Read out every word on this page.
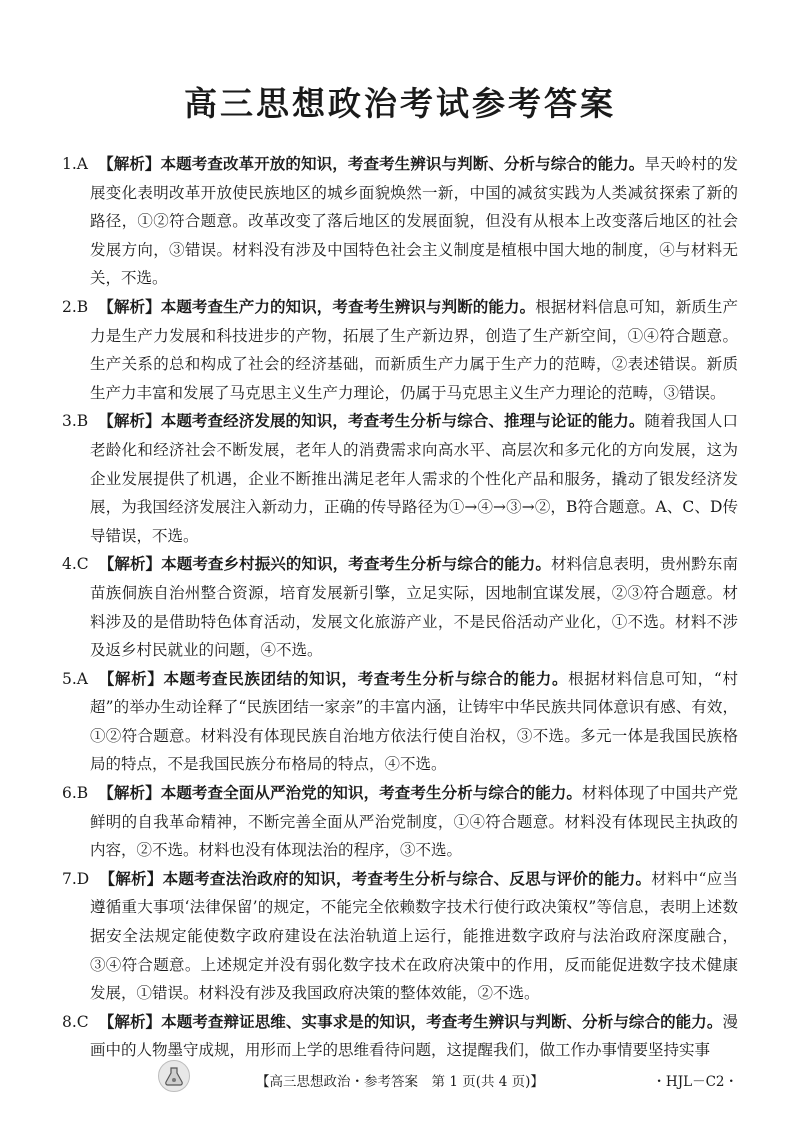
高三思想政治考试参考答案

1.A 【解析】本题考查改革开放的知识，考查考生辨识与判断、分析与综合的能力。旱天岭村的发展变化表明改革开放使民族地区的城乡面貌焕然一新，中国的减贫实践为人类减贫探索了新的路径，①②符合题意。改革改变了落后地区的发展面貌，但没有从根本上改变落后地区的社会发展方向，③错误。材料没有涉及中国特色社会主义制度是植根中国大地的制度，④与材料无关，不选。

2.B 【解析】本题考查生产力的知识，考查考生辨识与判断的能力。根据材料信息可知，新质生产力是生产力发展和科技进步的产物，拓展了生产新边界，创造了生产新空间，①④符合题意。生产关系的总和构成了社会的经济基础，而新质生产力属于生产力的范畴，②表述错误。新质生产力丰富和发展了马克思主义生产力理论，仍属于马克思主义生产力理论的范畴，③错误。

3.B 【解析】本题考查经济发展的知识，考查考生分析与综合、推理与论证的能力。随着我国人口老龄化和经济社会不断发展，老年人的消费需求向高水平、高层次和多元化的方向发展，这为企业发展提供了机遇，企业不断推出满足老年人需求的个性化产品和服务，撬动了银发经济发展，为我国经济发展注入新动力，正确的传导路径为①→④→③→②，B符合题意。A、C、D传导错误，不选。

4.C 【解析】本题考查乡村振兴的知识，考查考生分析与综合的能力。材料信息表明，贵州黔东南苗族侗族自治州整合资源，培育发展新引擎，立足实际，因地制宜谋发展，②③符合题意。材料涉及的是借助特色体育活动，发展文化旅游产业，不是民俗活动产业化，①不选。材料不涉及返乡村民就业的问题，④不选。

5.A 【解析】本题考查民族团结的知识，考查考生分析与综合的能力。根据材料信息可知，“村超”的举办生动诠释了“民族团结一家亲”的丰富内涵，让铸牢中华民族共同体意识有感、有效，①②符合题意。材料没有体现民族自治地方依法行使自治权，③不选。多元一体是我国民族格局的特点，不是我国民族分布格局的特点，④不选。

6.B 【解析】本题考查全面从严治党的知识，考查考生分析与综合的能力。材料体现了中国共产党鲜明的自我革命精神，不断完善全面从严治党制度，①④符合题意。材料没有体现民主执政的内容，②不选。材料也没有体现法治的程序，③不选。

7.D 【解析】本题考查法治政府的知识，考查考生分析与综合、反思与评价的能力。材料中“应当遵循重大事项‘法律保留’的规定，不能完全依赖数字技术行使行政决策权”等信息，表明上述数据安全法规定能使数字政府建设在法治轨道上运行，能推进数字政府与法治政府深度融合，③④符合题意。上述规定并没有弱化数字技术在政府决策中的作用，反而能促进数字技术健康发展，①错误。材料没有涉及我国政府决策的整体效能，②不选。

8.C 【解析】本题考查辩证思维、实事求是的知识，考查考生辨识与判断、分析与综合的能力。漫画中的人物墨守成规，用形而上学的思维看待问题，这提醒我们，做工作办事情要坚持实事

【高三思想政治・参考答案　第 1 页(共 4 页)】	・HJL－C2・
